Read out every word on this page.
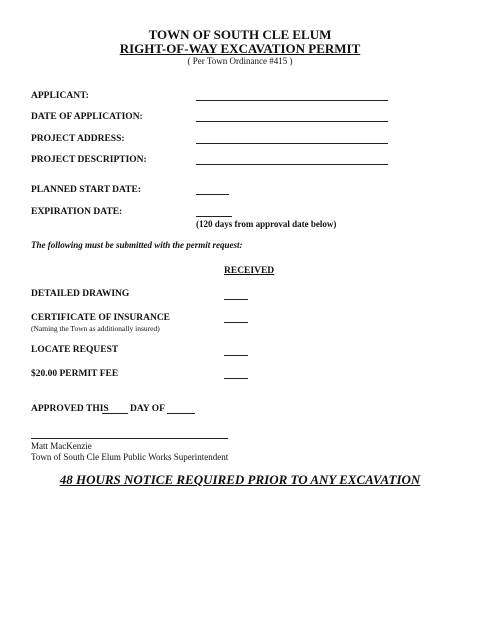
TOWN OF SOUTH CLE ELUM
RIGHT-OF-WAY EXCAVATION PERMIT
( Per Town Ordinance #415 )
APPLICANT:
DATE OF APPLICATION:
PROJECT ADDRESS:
PROJECT DESCRIPTION:
PLANNED START DATE:
EXPIRATION DATE:
(120 days from approval date below)
The following must be submitted with the permit request:
RECEIVED
DETAILED DRAWING
CERTIFICATE OF INSURANCE
(Naming the Town as additionally insured)
LOCATE REQUEST
$20.00 PERMIT FEE
APPROVED THIS DAY OF
Matt MacKenzie
Town of South Cle Elum Public Works Superintendent
48 HOURS NOTICE REQUIRED PRIOR TO ANY EXCAVATION
